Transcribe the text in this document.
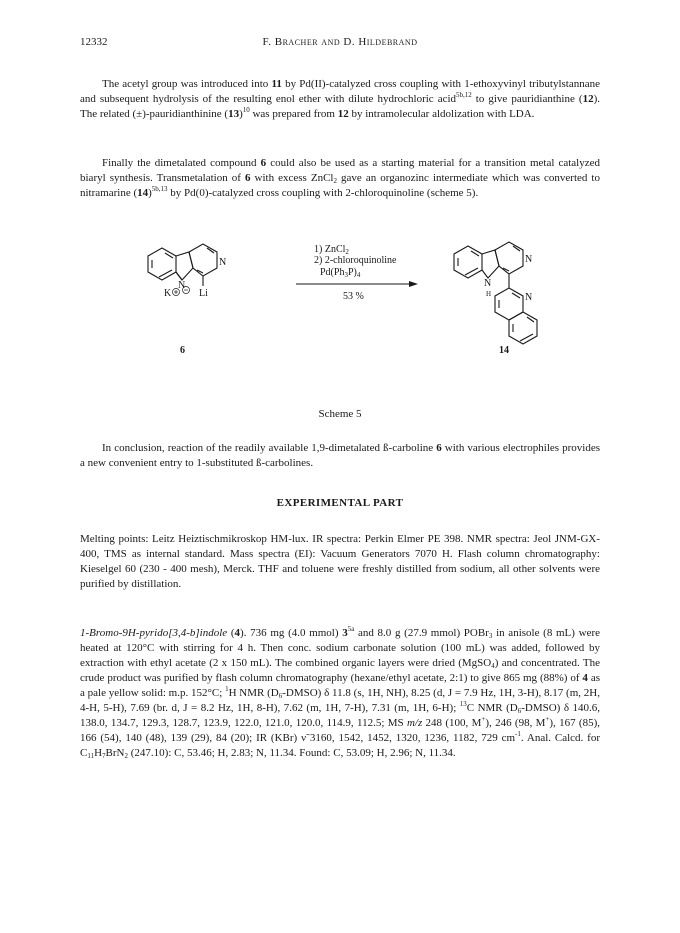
12332	F. Bracher and D. Hildebrand

The acetyl group was introduced into 11 by Pd(II)-catalyzed cross coupling with 1-ethoxyvinyl tributylstannane and subsequent hydrolysis of the resulting enol ether with dilute hydrochloric acid$^{5b,12}$ to give pauridianthine (12). The related (±)-pauridianthinine $(13)^{10}$ was prepared from 12 by intramolecular aldolization with LDA.

Finally the dimetalated compound 6 could also be used as a starting material for a transition metal catalyzed biaryl synthesis. Transmetalation of 6 with excess ZnCl$_2$ gave an organozinc intermediate which was converted to nitramarine $(14)^{5b,13}$ by Pd(0)-catalyzed cross coupling with 2-chloroquinoline (scheme 5).

N
N
Li
K
1) ZnCl$_2$
2) 2-chloroquinoline
$Pd(Ph_3P)_4$
53 %
N
N
H	N
6	14
Scheme 5

In conclusion, reaction of the readily available 1,9-dimetalated ß-carboline 6 with various electrophiles provides a new convenient entry to 1-substituted ß-carbolines.

EXPERIMENTAL PART

Melting points: Leitz Heiztischmikroskop HM-lux. IR spectra: Perkin Elmer PE 398. NMR spectra: Jeol JNM-GX-400, TMS as internal standard. Mass spectra (EI): Vacuum Generators 7070 H. Flash column chromatography: Kieselgel 60 (230 - 400 mesh), Merck. THF and toluene were freshly distilled from sodium, all other solvents were purified by distillation.

1-Bromo-9H-pyrido[3,4-b]indole (4). 736 mg (4.0 mmol) $3^{5a}$ and 8.0 g (27.9 mmol) POBr$_3$ in anisole (8 mL) were heated at 120°C with stirring for 4 h. Then conc. sodium carbonate solution (100 mL) was added, followed by extraction with ethyl acetate (2 x 150 mL). The combined organic layers were dried (MgSO$_4$) and concentrated. The crude product was purified by flash column chromatography (hexane/ethyl acetate, 2:1) to give 865 mg (88%) of 4 as a pale yellow solid: m.p. 152°C; $^1$H NMR $(D_6-DMSO)$ δ 11.8 (s, 1H, NH), 8.25 (d, J = 7.9 Hz, 1H, 3-H), 8.17 (m, 2H, 4-H, 5-H), 7.69 (br. d, J = 8.2 Hz, 1H, 8-H), 7.62 (m, 1H, 7-H), 7.31 (m, 1H, 6-H); $^{13}$C NMR $(D_6-DMSO)$ δ 140.6, 138.0, 134.7, 129.3, 128.7, 123.9, 122.0, 121.0, 120.0, 114.9, 112.5; MS m/z 248 (100, M+), 246 (98, M+), 167 (85), 166 (54), 140 (48), 139 (29), 84 (20); IR (KBr) ν̃ 3160, 1542, 1452, 1320, 1236, 1182, 729 $cm^{-1}$. Anal. Calcd. for $C_{11}H_7BrN_2$ (247.10): C, 53.46; H, 2.83; N, 11.34. Found: C, 53.09; H, 2.96; N, 11.34.
